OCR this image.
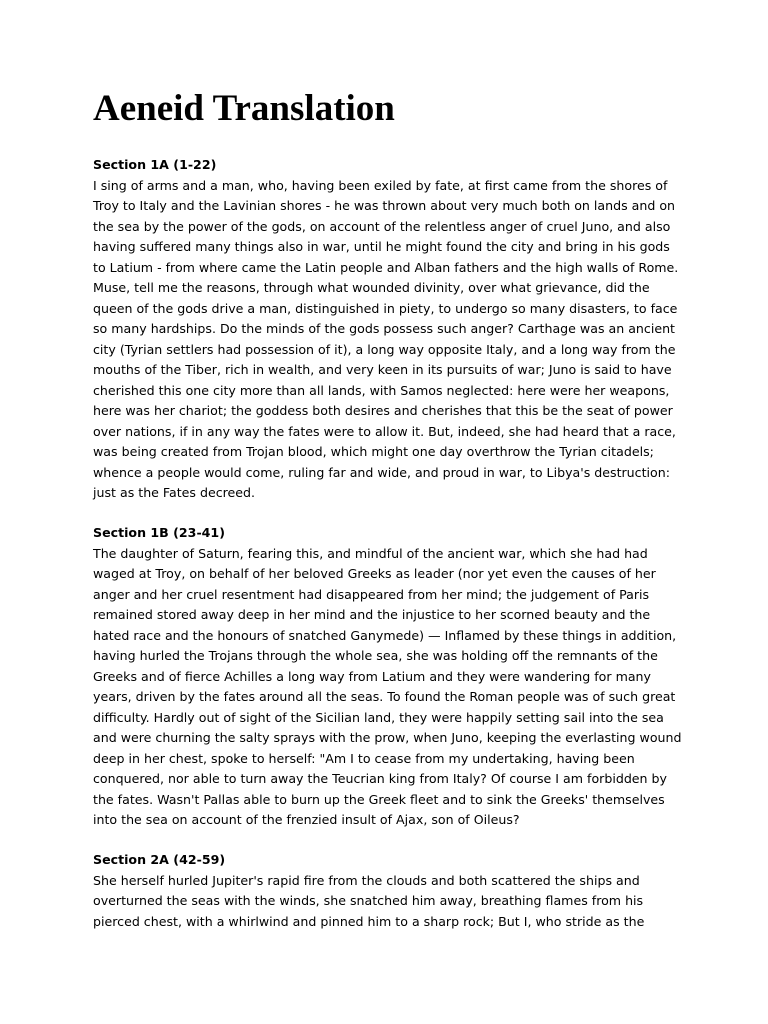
Aeneid Translation

Section 1A (1-22)

I sing of arms and a man, who, having been exiled by fate, at first came from the shores of Troy to Italy and the Lavinian shores - he was thrown about very much both on lands and on the sea by the power of the gods, on account of the relentless anger of cruel Juno, and also having suffered many things also in war, until he might found the city and bring in his gods to Latium - from where came the Latin people and Alban fathers and the high walls of Rome. Muse, tell me the reasons, through what wounded divinity, over what grievance, did the queen of the gods drive a man, distinguished in piety, to undergo so many disasters, to face so many hardships. Do the minds of the gods possess such anger? Carthage was an ancient city (Tyrian settlers had possession of it), a long way opposite Italy, and a long way from the mouths of the Tiber, rich in wealth, and very keen in its pursuits of war; Juno is said to have cherished this one city more than all lands, with Samos neglected: here were her weapons, here was her chariot; the goddess both desires and cherishes that this be the seat of power over nations, if in any way the fates were to allow it. But, indeed, she had heard that a race, was being created from Trojan blood, which might one day overthrow the Tyrian citadels; whence a people would come, ruling far and wide, and proud in war, to Libya's destruction: just as the Fates decreed.

Section 1B (23-41)

The daughter of Saturn, fearing this, and mindful of the ancient war, which she had had waged at Troy, on behalf of her beloved Greeks as leader (nor yet even the causes of her anger and her cruel resentment had disappeared from her mind; the judgement of Paris remained stored away deep in her mind and the injustice to her scorned beauty and the hated race and the honours of snatched Ganymede) — Inflamed by these things in addition, having hurled the Trojans through the whole sea, she was holding off the remnants of the Greeks and of fierce Achilles a long way from Latium and they were wandering for many years, driven by the fates around all the seas. To found the Roman people was of such great difficulty. Hardly out of sight of the Sicilian land, they were happily setting sail into the sea and were churning the salty sprays with the prow, when Juno, keeping the everlasting wound deep in her chest, spoke to herself: "Am I to cease from my undertaking, having been conquered, nor able to turn away the Teucrian king from Italy? Of course I am forbidden by the fates. Wasn't Pallas able to burn up the Greek fleet and to sink the Greeks' themselves into the sea on account of the frenzied insult of Ajax, son of Oileus?

Section 2A (42-59)

She herself hurled Jupiter's rapid fire from the clouds and both scattered the ships and overturned the seas with the winds, she snatched him away, breathing flames from his pierced chest, with a whirlwind and pinned him to a sharp rock; But I, who stride as the
